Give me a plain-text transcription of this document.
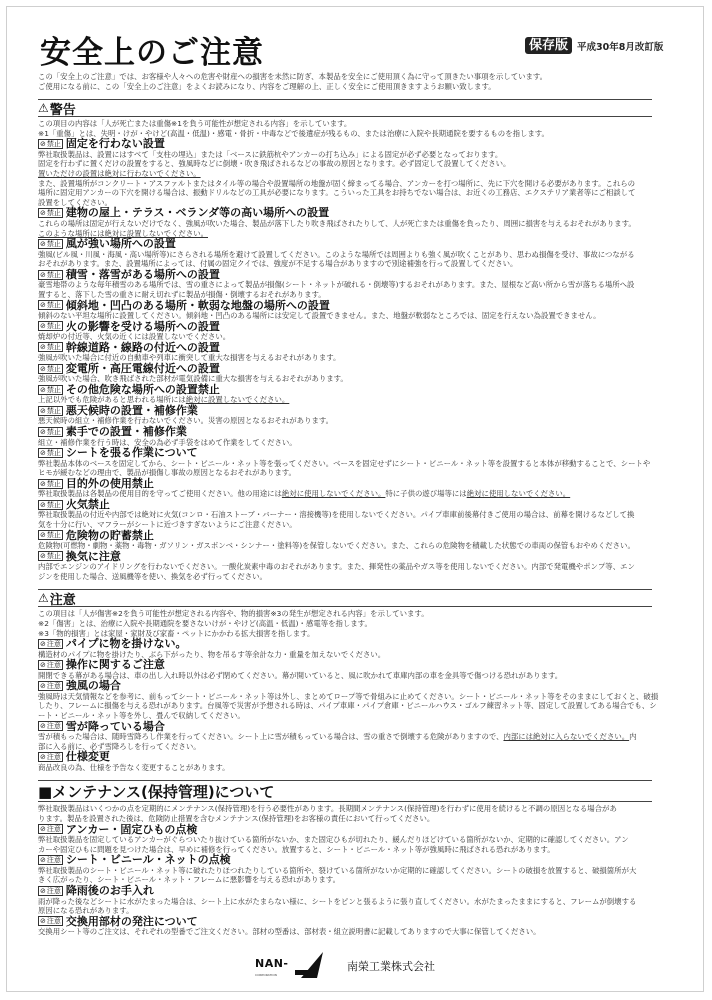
安全上のご注意	保存版 平成30年8月改訂版
この「安全上のご注意」では、お客様や人々への危害や財産への損害を未然に防ぎ、本製品を安全にご使用頂く為に守って頂きたい事項を示しています。
ご使用になる前に、この「安全上のご注意」をよくお読みになり、内容をご理解の上、正しく安全にご使用頂きますようお願い致します。
⚠ 警告
この項目の内容は「人が死亡または重傷※1を負う可能性が想定される内容」を示しています。
※1「重傷」とは、失明・けが・やけど(高温・低温)・感電・骨折・中毒などで後遺症が残るもの、または治療に入院や長期通院を要するものを指します。
⊘ 禁止 固定を行わない設置
弊社取扱製品は、設置にはすべて「支柱の埋込」または「ベースに鉄筋杭やアンカーの打ち込み」による固定が必ず必要となっております。
固定を行わずに置くだけの設置をすると、強風時などに倒壊・吹き飛ばされるなどの事故の原因となります。必ず固定して設置してください。
置いただけの設置は絶対に行わないでください。
また、設置場所がコンクリート・アスファルトまたはタイル等の場合や設置場所の地盤が固く締まってる場合、アンカーを打つ場所に、先に下穴を開ける必要があります。これらの
場所に固定用アンカーの下穴を開ける場合は、振動ドリルなどの工具が必要になります。こういった工具をお持ちでない場合は、お近くの工務店、エクステリア業者等にご相談して
設置をしてください。
⊘ 禁止 建物の屋上・テラス・ベランダ等の高い場所への設置
これらの場所は固定が行えないだけでなく、強風が吹いた場合、製品が落下したり吹き飛ばされたりして、人が死亡または重傷を負ったり、周囲に損害を与えるおそれがあります。
このような場所には絶対に設置しないでください。
⊘ 禁止 風が強い場所への設置
強風(ビル風・川風・海風・高い場所等)にさらされる場所を避けて設置してください。このような場所では周囲よりも強く風が吹くことがあり、思わぬ損傷を受け、事故につながる
おそれがあります。また、設置場所によっては、付属の固定クイでは、強度が不足する場合がありますので別途補強を行って設置してください。
⊘ 禁止 積雪・落雪がある場所への設置
豪雪地帯のような毎年積雪のある場所では、雪の重さによって製品が損傷(シート・ネットが破れる・倒壊等)するおそれがあります。また、屋根など高い所から雪が落ちる場所へ設
置すると、落下した雪の重さに耐え切れずに製品が損傷・倒壊するおそれがあります。
⊘ 禁止 傾斜地・凹凸のある場所・軟弱な地盤の場所への設置
傾斜のない平坦な場所に設置してください。傾斜地・凹凸のある場所には安定して設置できません。また、地盤が軟弱なところでは、固定を行えない為設置できません。
⊘ 禁止 火の影響を受ける場所への設置
焼却炉の付近等、火気の近くには設置しないでください。
⊘ 禁止 幹線道路・線路の付近への設置
強風が吹いた場合に付近の自動車や列車に衝突して重大な損害を与えるおそれがあります。
⊘ 禁止 変電所・高圧電線付近への設置
強風が吹いた場合、吹き飛ばされた部材が電気設備に重大な損害を与えるおそれがあります。
⊘ 禁止 その他危険な場所への設置禁止
上記以外でも危険があると思われる場所には絶対に設置しないでください。
⊘ 禁止 悪天候時の設置・補修作業
悪天候時の組立・補修作業を行わないでください。災害の原因となるおそれがあります。
⊘ 禁止 素手での設置・補修作業
組立・補修作業を行う時は、安全の為必ず手袋をはめて作業をしてください。
⊘ 禁止 シートを張る作業について
弊社製品本体のベースを固定してから、シート・ビニール・ネット等を張ってください。ベースを固定せずにシート・ビニール・ネット等を設置すると本体が移動することで、シートや
ヒモが緩むなどの理由で、製品が損傷し事故の原因となるおそれがあります。
⊘ 禁止 目的外の使用禁止
弊社取扱製品は各製品の使用目的を守ってご使用ください。他の用途には絶対に使用しないでください。特に子供の遊び場等には絶対に使用しないでください。
⊘ 禁止 火気禁止
弊社取扱製品の付近や内部では絶対に火気(コンロ・石油ストーブ・バーナー・溶接機等)を使用しないでください。パイプ車庫前後幕付きご使用の場合は、前幕を開けるなどして換
気を十分に行い、マフラーがシートに近づきすぎないようにご注意ください。
⊘ 禁止 危険物の貯蓄禁止
危険物(可燃物・劇物・薬物・毒物・ガソリン・ガスボンベ・シンナー・塗料等)を保管しないでください。また、これらの危険物を積載した状態での車両の保管もおやめください。
⊘ 禁止 換気に注意
内部でエンジンのアイドリングを行わないでください。一酸化炭素中毒のおそれがあります。また、揮発性の薬品やガス等を使用しないでください。内部で発電機やポンプ等、エン
ジンを使用した場合、送風機等を使い、換気を必ず行ってください。
⚠ 注意
この項目は「人が傷害※2を負う可能性が想定される内容や、物的損害※3の発生が想定される内容」を示しています。
※2「傷害」とは、治療に入院や長期通院を要さないけが・やけど(高温・低温)・感電等を指します。
※3「物的損害」とは家屋・家財及び家畜・ペットにかかわる拡大損害を指します。
⊘ 注意 パイプに物を掛けない。
構造材のパイプに物を掛けたり、ぶら下がったり、物を吊るす等余計な力・重量を加えないでください。
⊘ 注意 操作に関するご注意
開閉できる幕がある場合は、車の出し入れ時以外は必ず閉めてください。幕が開いていると、風に吹かれて車庫内部の車を金具等で傷つける恐れがあります。
⊘ 注意 強風の場合
強風時は天気情報などを参考に、前もってシート・ビニール・ネット等は外し、まとめてロープ等で骨組みに止めてください。シート・ビニール・ネット等をそのままにしておくと、破損
したり、フレームに損傷を与える恐れがあります。台風等で災害が予想される時は、パイプ車庫・パイプ倉庫・ビニールハウス・ゴルフ練習ネット等、固定して設置してある場合でも、シ
ート・ビニール・ネット等を外し、畳んで収納してください。
⊘ 注意 雪が降っている場合
雪が積もった場合は、随時雪降ろし作業を行ってください。シート上に雪が積もっている場合は、雪の重さで倒壊する危険がありますので、内部には絶対に入らないでください。内
部に入る前に、必ず雪降ろしを行ってください。
⊘ 注意 仕様変更
商品改良の為、仕様を予告なく変更することがあります。
■メンテナンス(保持管理)について
弊社取扱製品はいくつかの点を定期的にメンテナンス(保持管理)を行う必要性があります。長期間メンテナンス(保持管理)を行わずに使用を続けると不調の原因となる場合があ
ります。製品を設置された後は、危険防止措置を含むメンテナンス(保持管理)をお客様の責任において行ってください。
⊘ 注意 アンカー・固定ひもの点検
弊社取扱製品を固定しているアンカーがぐらついたり抜けている箇所がないか、また固定ひもが切れたり、緩んだりほどけている箇所がないか、定期的に確認してください。アン
カーや固定ひもに問題を見つけた場合は、早めに補修を行ってください。放置すると、シート・ビニール・ネット等が強風時に飛ばされる恐れがあります。
⊘ 注意 シート・ビニール・ネットの点検
弊社取扱製品のシート・ビニール・ネット等に破れたりほつれたりしている箇所や、裂けている箇所がないか定期的に確認してください。シートの破損を放置すると、破損箇所が大
きく広がったり、シート・ビニール・ネット・フレームに悪影響を与える恐れがあります。
⊘ 注意 降雨後のお手入れ
雨が降った後などシートに水がたまった場合は、シート上に水がたまらない様に、シートをピンと張るように張り直してください。水がたまったままにすると、フレームが倒壊する
原因になる恐れがあります。
⊘ 注意 交換用部材の発注について
交換用シート等のご注文は、それぞれの型番でご注文ください。部材の型番は、部材表・組立説明書に記載してありますので大事に保管してください。
NAN-
CORPORATION
南榮工業株式会社
